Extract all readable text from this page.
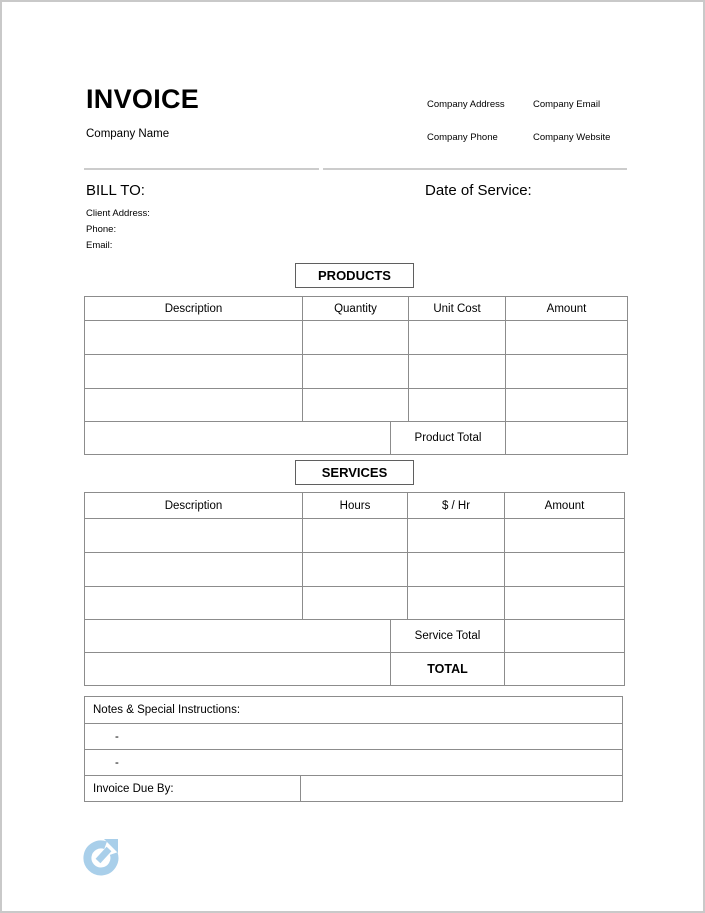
INVOICE
Company Name
Company Address	Company Email
Company Phone	Company Website
BILL TO:	Date of Service:
Client Address:
Phone:
Email:
PRODUCTS
Description	Quantity	Unit Cost	Amount

	Product Total	
SERVICES
Description	Hours	$ / Hr	Amount

	Service Total	
	TOTAL	
Notes & Special Instructions:
-
-
Invoice Due By:	
